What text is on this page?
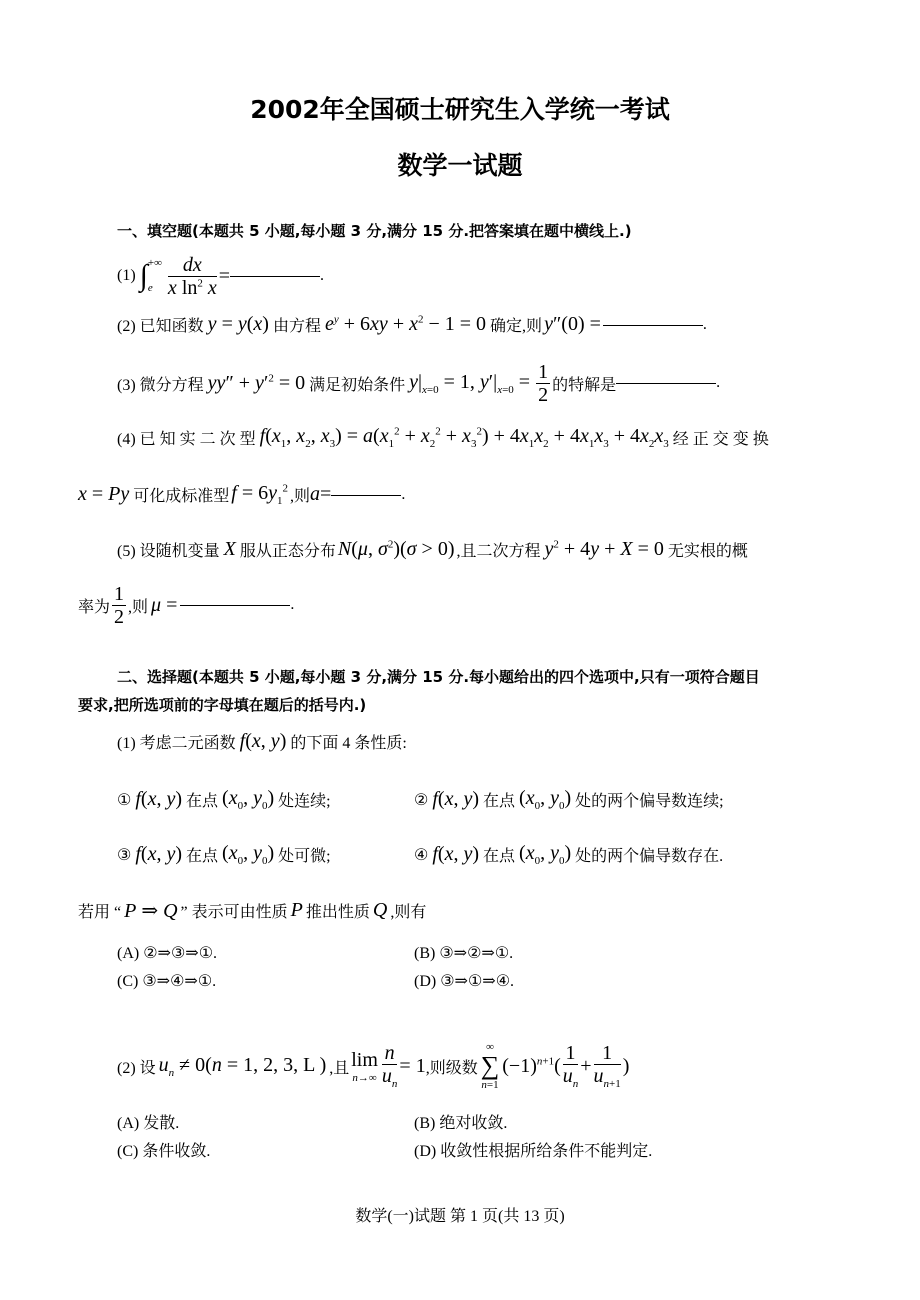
2002年全国硕士研究生入学统一考试
数学一试题
一、填空题(本题共 5 小题,每小题 3 分,满分 15 分.把答案填在题中横线上.)
(1) ∫ +∞
e $\frac{dx}{x \ln^2 x}$ =	.
(2) 已知函数 y = y(x) 由方程 $e^y + 6xy + x^2 - 1 = 0$ 确定,则 y″(0) =	.
(3) 微分方程 $yy'' + y'^2 = 0$ 满足初始条件 $y|_{x=0} = 1$, $y'|_{x=0} = \frac{1}{2}$ 的特解是	.
(4) 已 知 实 二 次 型 $f(x_1$, $x_2$, $x_3) = a(x_1^2 + x_2^2 + x_3^2) + 4x_1x_2 + 4x_1x_3 + 4x_2x_3$ 经 正 交 变 换
x = Py 可化成标准型 $f = 6y_1^2$ ,则 a =	.
(5) 设随机变量 X 服从正态分布 N(μ, $\sigma^2)(\sigma > 0)$ ,且二次方程 $y^2 + 4y + X = 0$ 无实根的概
率为 $\frac{1}{2}$ ,则 μ =	.
二、选择题(本题共 5 小题,每小题 3 分,满分 15 分.每小题给出的四个选项中,只有一项符合题目
要求,把所选项前的字母填在题后的括号内.)
(1) 考虑二元函数 f(x, y) 的下面 4 条性质:
① f(x, y) 在点 ($x_0$, $y_0$) 处连续;	② f(x, y) 在点 ($x_0$, $y_0$) 处的两个偏导数连续;
③ f(x, y) 在点 ($x_0$, $y_0$) 处可微;	④ f(x, y) 在点 ($x_0$, $y_0$) 处的两个偏导数存在.
若用 “ P ⇒ Q ” 表示可由性质 P 推出性质 Q ,则有
(A) ②⇒③⇒①.	(B) ③⇒②⇒①.
(C) ③⇒④⇒①.	(D) ③⇒①⇒④.
(2) 设 $u_n \ne 0(n = 1$, 2, 3, L ) ,且 lim
$n\to\infty \frac{n}{u_n} = 1$ ,则级数
∞
∑
n=1
$(-1)^{n+1}( \frac{1}{u_n} + \frac{1}{u_{n+1}}$ )
(A) 发散.	(B) 绝对收敛.
(C) 条件收敛.	(D) 收敛性根据所给条件不能判定.
数学(一)试题 第 1 页(共 13 页)
